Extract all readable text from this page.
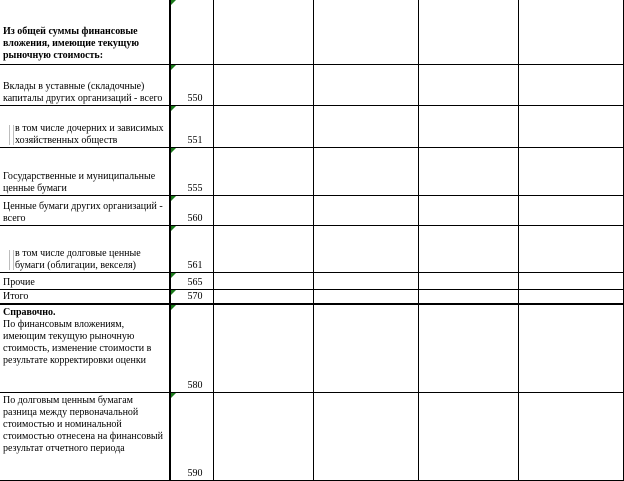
Из общей суммы финансовые вложения, имеющие текущую рыночную стоимость:					

Вклады в уставные (складочные) капиталы других организаций - всего	550				

в том числе дочерних и зависимых хозяйственных обществ	551				

Государственные и муниципальные ценные бумаги	555				

Ценные бумаги других организаций - всего	560				

в том числе долговые ценные бумаги (облигации, векселя)	561				

Прочие	565				

Итого	570				

Справочно.
По финансовым вложениям, имеющим текущую рыночную стоимость, изменение стоимости в результате корректировки оценки	580				

По долговым ценным бумагам разница между первоначальной стоимостью и номинальной стоимостью отнесена на финансовый результат отчетного периода	590				
